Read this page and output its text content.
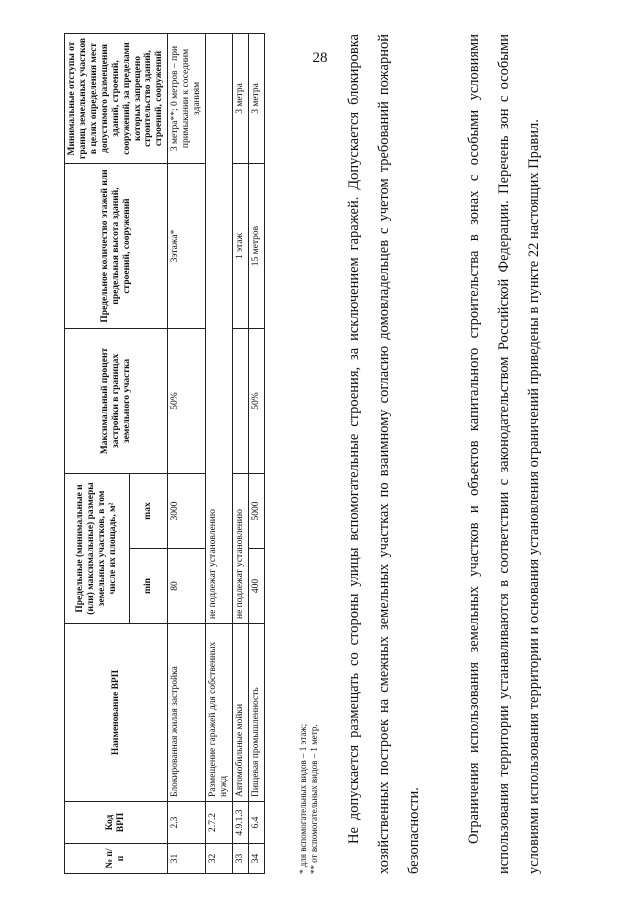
28
№ п/п	Код ВРП	Наименование ВРП	Предельные (минимальные и (или) максимальные) размеры земельных участков, в том числе их площадь, м²		Максимальный процент застройки в границах земельного участка	Предельное количество этажей или предельная высота зданий, строений, сооружений	Минимальные отступы от границ земельных участков в целях определения мест допустимого размещения зданий, строений, сооружений, за пределами которых запрещено строительство зданий, строений, сооружений
			min	max			
31	2.3	Блокированная жилая застройка	80	3000	50%	3этажа*	3 метра**; 0 метров – при примыкании к соседним зданиям
32	2.7.2	Размещение гаражей для собственных нужд	не подлежат установлению				
33	4.9.1.3	Автомобильные мойки	не подлежат установлению			1 этаж	3 метра
34	6.4	Пищевая промышленность	400	5000	50%	15 метров	3 метра
* для вспомогательных видов – 1 этаж; ** от вспомогательных видов – 1 метр.	Не допускается размещать со стороны улицы вспомогательные строения, за исключением гаражей. Допускается блокировка хозяйственных построек на смежных земельных участках по взаимному согласию домовладельцев с учетом требований пожарной безопасности.	Ограничения использования земельных участков и объектов капитального строительства в зонах с особыми условиями использования территории устанавливаются в соответствии с законодательством Российской Федерации. Перечень зон с особыми условиями использования территории и основания установления ограничений приведены в пункте 22 настоящих Правил.
